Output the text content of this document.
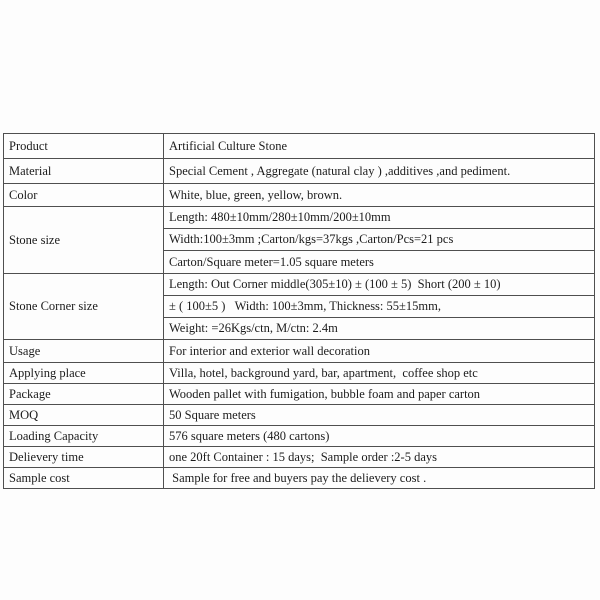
Product	Artificial Culture Stone
Material	Special Cement , Aggregate (natural clay ) ,additives ,and pediment.
Color	White, blue, green, yellow, brown.
Stone size	Length: 480±10mm/280±10mm/200±10mm
	Width:100±3mm ;Carton/kgs=37kgs ,Carton/Pcs=21 pcs
	Carton/Square meter=1.05 square meters
Stone Corner size	Length: Out Corner middle(305±10) ± (100 ± 5)  Short (200 ± 10)
	± ( 100±5 )   Width: 100±3mm, Thickness: 55±15mm,
	Weight: =26Kgs/ctn, M/ctn: 2.4m
Usage	For interior and exterior wall decoration
Applying place	Villa, hotel, background yard, bar, apartment,  coffee shop etc
Package	Wooden pallet with fumigation, bubble foam and paper carton
MOQ	50 Square meters
Loading Capacity	576 square meters (480 cartons)
Delievery time	one 20ft Container : 15 days;  Sample order :2-5 days
Sample cost	Sample for free and buyers pay the delievery cost .
